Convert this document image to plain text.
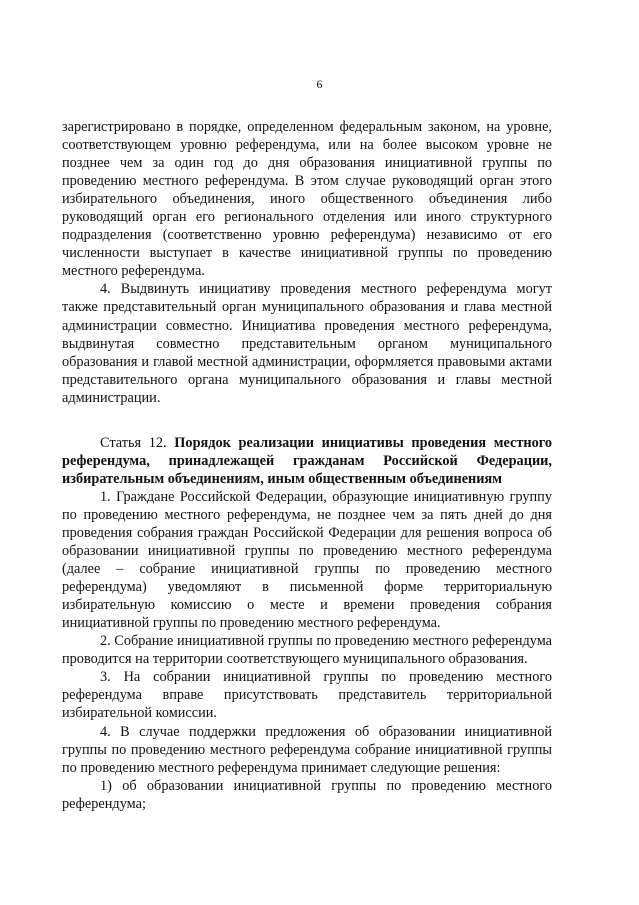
6

зарегистрировано в порядке, определенном федеральным законом, на уровне, соответствующем уровню референдума, или на более высоком уровне не позднее чем за один год до дня образования инициативной группы по проведению местного референдума. В этом случае руководящий орган этого избирательного объединения, иного общественного объединения либо руководящий орган его регионального отделения или иного структурного подразделения (соответственно уровню референдума) независимо от его численности выступает в качестве инициативной группы по проведению местного референдума.

4. Выдвинуть инициативу проведения местного референдума могут также представительный орган муниципального образования и глава местной администрации совместно. Инициатива проведения местного референдума, выдвинутая совместно представительным органом муниципального образования и главой местной администрации, оформляется правовыми актами представительного органа муниципального образования и главы местной администрации.

Статья 12. Порядок реализации инициативы проведения местного референдума, принадлежащей гражданам Российской Федерации, избирательным объединениям, иным общественным объединениям

1. Граждане Российской Федерации, образующие инициативную группу по проведению местного референдума, не позднее чем за пять дней до дня проведения собрания граждан Российской Федерации для решения вопроса об образовании инициативной группы по проведению местного референдума (далее – собрание инициативной группы по проведению местного референдума) уведомляют в письменной форме территориальную избирательную комиссию о месте и времени проведения собрания инициативной группы по проведению местного референдума.

2. Собрание инициативной группы по проведению местного референдума проводится на территории соответствующего муниципального образования.

3. На собрании инициативной группы по проведению местного референдума вправе присутствовать представитель территориальной избирательной комиссии.

4. В случае поддержки предложения об образовании инициативной группы по проведению местного референдума собрание инициативной группы по проведению местного референдума принимает следующие решения:

1) об образовании инициативной группы по проведению местного референдума;
